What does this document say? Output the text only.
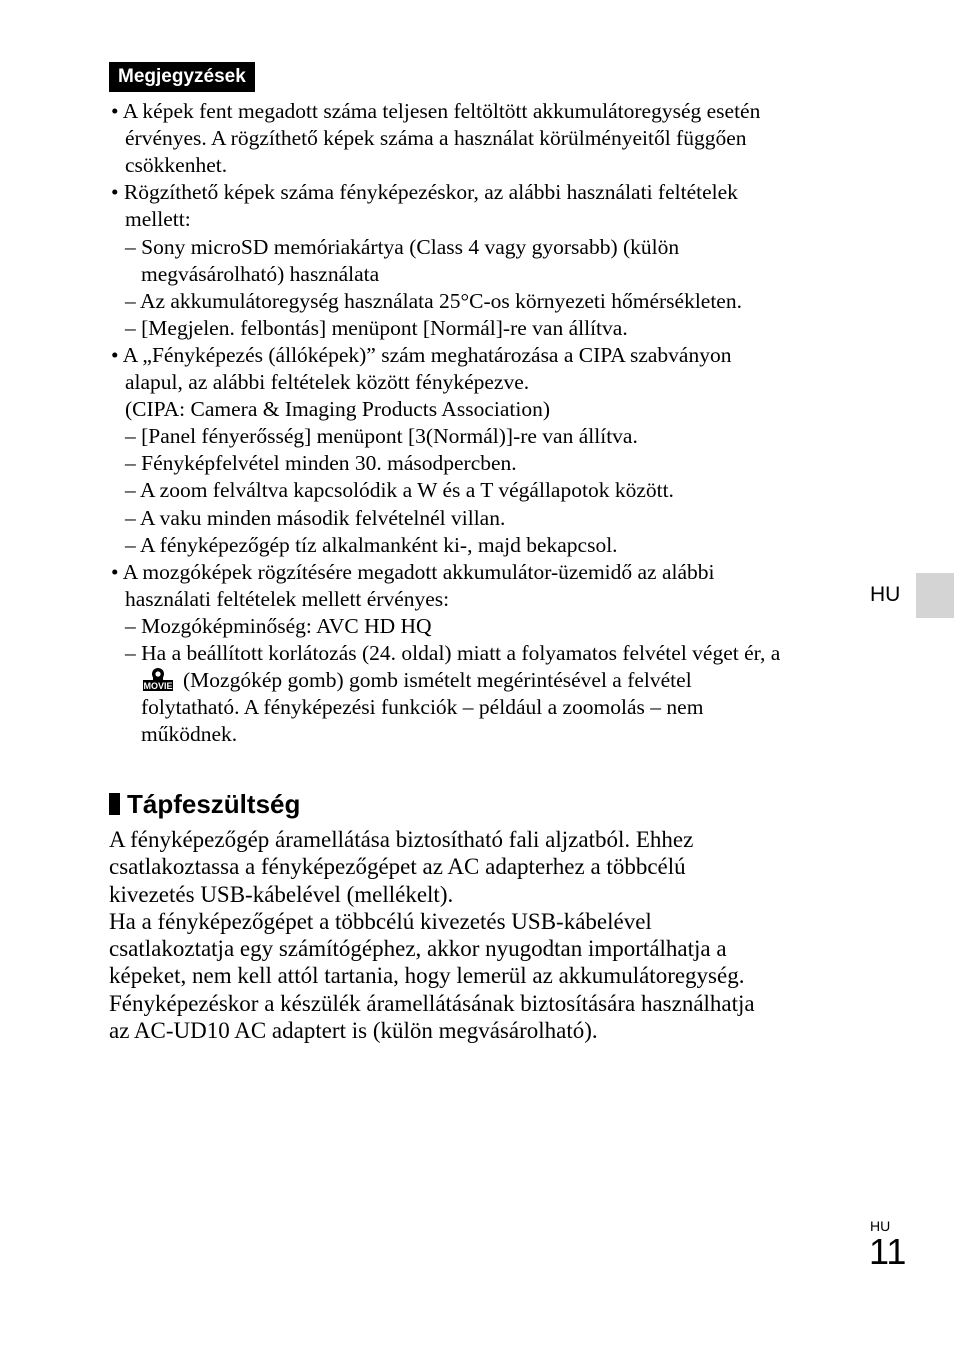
Megjegyzések
• A képek fent megadott száma teljesen feltöltött akkumulátoregység esetén
érvényes. A rögzíthető képek száma a használat körülményeitől függően
csökkenhet.
• Rögzíthető képek száma fényképezéskor, az alábbi használati feltételek
mellett:
– Sony microSD memóriakártya (Class 4 vagy gyorsabb) (külön
megvásárolható) használata
– Az akkumulátoregység használata 25°C-os környezeti hőmérsékleten.
– [Megjelen. felbontás] menüpont [Normál]-re van állítva.
• A „Fényképezés (állóképek)” szám meghatározása a CIPA szabványon
alapul, az alábbi feltételek között fényképezve.
(CIPA: Camera & Imaging Products Association)
– [Panel fényerősség] menüpont [3(Normál)]-re van állítva.
– Fényképfelvétel minden 30. másodpercben.
– A zoom felváltva kapcsolódik a W és a T végállapotok között.
– A vaku minden második felvételnél villan.
– A fényképezőgép tíz alkalmanként ki-, majd bekapcsol.
• A mozgóképek rögzítésére megadott akkumulátor-üzemidő az alábbi
használati feltételek mellett érvényes:
– Mozgóképminőség: AVC HD HQ
– Ha a beállított korlátozás (24. oldal) miatt a folyamatos felvétel véget ér, a
MOVIE (Mozgókép gomb) gomb ismételt megérintésével a felvétel
folytatható. A fényképezési funkciók – például a zoomolás – nem
működnek.
Tápfeszültség
A fényképezőgép áramellátása biztosítható fali aljzatból. Ehhez
csatlakoztassa a fényképezőgépet az AC adapterhez a többcélú
kivezetés USB-kábelével (mellékelt).
Ha a fényképezőgépet a többcélú kivezetés USB-kábelével
csatlakoztatja egy számítógéphez, akkor nyugodtan importálhatja a
képeket, nem kell attól tartania, hogy lemerül az akkumulátoregység.
Fényképezéskor a készülék áramellátásának biztosítására használhatja
az AC-UD10 AC adaptert is (külön megvásárolható).
HU
HU
11
